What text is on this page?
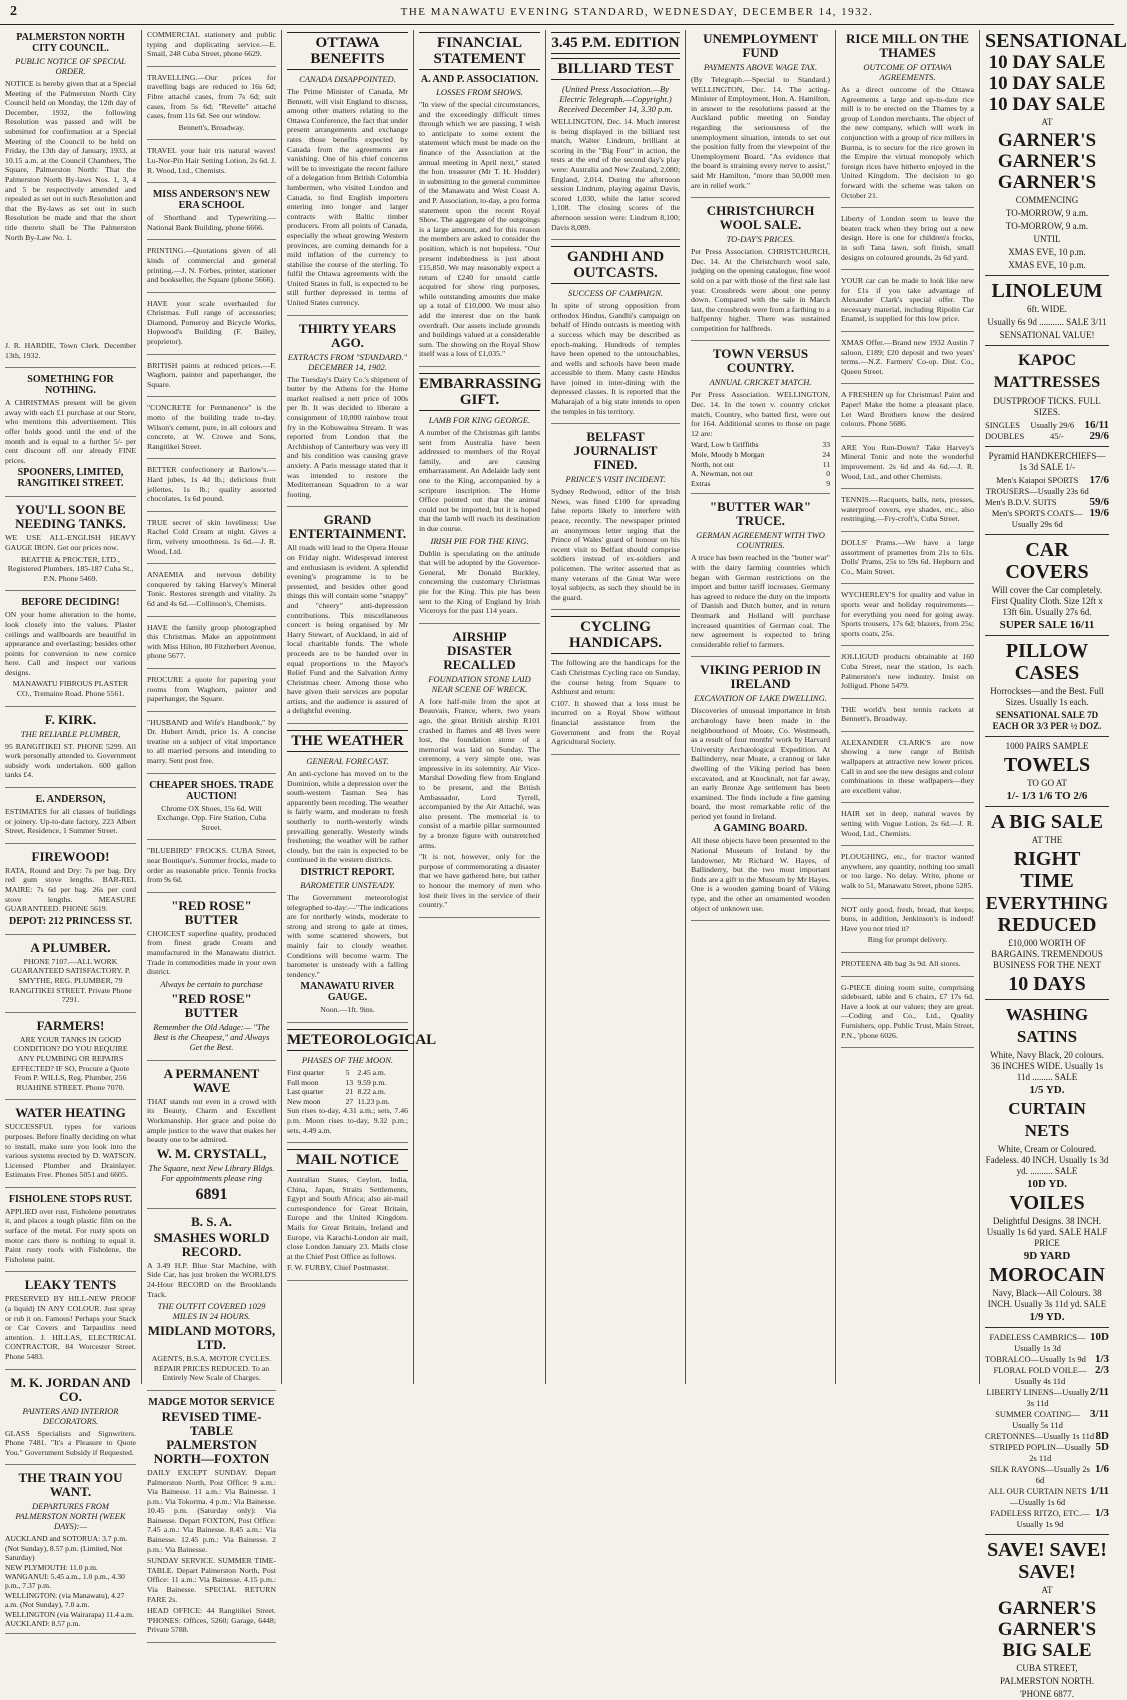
2	THE MANAWATU EVENING STANDARD, WEDNESDAY, DECEMBER 14, 1932.
PALMERSTON NORTH CITY COUNCIL.
PUBLIC NOTICE OF SPECIAL ORDER.
NOTICE is hereby given that at a Special Meeting of the Palmerston North City Council held on Monday, the 12th day of December, 1932, the following Resolution was passed and will be submitted for confirmation at a Special Meeting of the Council to be held on Friday, the 13th day of January, 1933, at 10.15 a.m. at the Council Chambers, The Square, Palmerston North: That the Palmerston North By-laws Nos. 1, 3, 4 and 5 be respectively amended and repealed as set out in such Resolution and that the By-laws as set out in such Resolution be made and that the short title thereto shall be The Palmerston North By-Law No. 1.
J. R. HARDIE, Town Clerk. December 13th, 1932.
SOMETHING FOR NOTHING.
A CHRISTMAS present will be given away with each £1 purchase at our Store, who mentions this advertisement. This offer holds good until the end of the month and is equal to a further 5/- per cent discount off our already FINE prices.
SPOONERS, LIMITED, RANGITIKEI STREET.
YOU'LL SOON BE NEEDING TANKS.
WE USE ALL-ENGLISH HEAVY GAUGE IRON. Get our prices now.
BEATTIE & PROCTER, LTD., Registered Plumbers. 185-187 Cuba St., P.N. Phone 5469.
BEFORE DECIDING!
ON your home alteration to the home, look closely into the values. Plaster ceilings and wallboards are beautiful in appearance and everlasting; besides other points for conversion to new cornice here. Call and inspect our various designs.
MANAWATU FIBROUS PLASTER CO., Tremaine Road. Phone 5561.
F. KIRK.
THE RELIABLE PLUMBER,
95 RANGITIKEI ST. PHONE 5299. All work personally attended to. Government subsidy work undertaken. 600 gallon tanks £4.
E. ANDERSON,
ESTIMATES for all classes of buildings or joinery. Up-to-date factory, 223 Albert Street, Residence, 1 Summer Street.
FIREWOOD!
RATA, Round and Dry: 7s per bag. Dry red gum stove lengths. BAR-REL MAIRE: 7s 6d per bag. 26s per cord stove lengths. MEASURE GUARANTEED. PHONE 5619.
DEPOT: 212 PRINCESS ST.
A PLUMBER.
PHONE 7107.—ALL WORK GUARANTEED SATISFACTORY. P. SMYTHE, REG. PLUMBER, 79 RANGITIKEI STREET. Private Phone 7291.
FARMERS!
ARE YOUR TANKS IN GOOD CONDITION? DO YOU REQUIRE ANY PLUMBING OR REPAIRS EFFECTED? IF SO, Procure a Quote From P. WILLS, Reg. Plumber, 256 RUAHINE STREET. Phone 7070.
WATER HEATING
SUCCESSFUL types for various purposes. Before finally deciding on what to install, make sure you look into the various systems erected by D. WATSON. Licensed Plumber and Drainlayer. Estimates Free. Phones 5051 and 6605.
FISHOLENE STOPS RUST.
APPLIED over rust, Fisholene penetrates it, and places a tough plastic film on the surface of the metal. For rusty spots on motor cars there is nothing to equal it. Paint rusty roofs with Fisholene, the Fisholene paint.
LEAKY TENTS
PRESERVED BY HILL-NEW PROOF (a liquid) IN ANY COLOUR. Just spray or rub it on. Famous! Perhaps your Stack or Car Covers and Tarpaulins need attention. J. HILLAS, ELECTRICAL CONTRACTOR, 84 Worcester Street. Phone 5483.
M. K. JORDAN AND CO.
PAINTERS AND INTERIOR DECORATORS.
GLASS Specialists and Signwriters. Phone 7481. "It's a Pleasure to Quote You." Government Subsidy if Requested.
THE TRAIN YOU WANT.
DEPARTURES FROM PALMERSTON NORTH (WEEK DAYS):—
AUCKLAND and SOTORUA: 3.7 p.m. (Not Sunday), 8.57 p.m. (Limited, Not Saturday)
NEW PLYMOUTH: 11.0 p.m.
WANGANUI: 5.45 a.m., 1.0 p.m., 4.30 p.m., 7.37 p.m.
WELLINGTON: (via Manawatu), 4.27 a.m. (Not Sunday), 7.0 a.m.
WELLINGTON (via Wairarapa) 11.4 a.m.
AUCKLAND: 8.57 p.m.
COMMERCIAL stationery and public typing and duplicating service.—E. Smail, 248 Cuba Street, phone 6629.
TRAVELLING.—Our prices for travelling bags are reduced to 16s 6d; Fibre attaché cases, from 7s 6d; suit cases, from 5s 6d; "Revelle" attaché cases, from 11s 6d. See our window.
Bennett's, Broadway.
TRAVEL your hair tris natural waves! Lu-Nor-Pin Hair Setting Lotion, 2s 6d. J. R. Wood, Ltd., Chemists.
MISS ANDERSON'S NEW ERA SCHOOL
of Shorthand and Typewriting.— National Bank Building, phone 6666.
PRINTING.—Quotations given of all kinds of commercial and general printing.—J. N. Forbes, printer, stationer and bookseller, the Square (phone 5666).
HAVE your scale overhauled for Christmas. Full range of accessories; Diamond, Pomeroy and Bicycle Works, Hopwood's Building (F. Bailey, proprietor).
BRITISH paints at reduced prices.—F. Waghorn, painter and paperhanger, the Square.
"CONCRETE for Permanence" is the motto of the building trade to-day. Wilson's cement, pure, in all colours and concrete, at W. Crowe and Sons, Rangitikei Street.
BETTER confectionery at Barlow's.— Hard jubes, 1s 4d lb.; delicious fruit jellettes, 1s lb.; quality assorted chocolates, 1s 6d pound.
TRUE secret of skin loveliness: Use Rachel Cold Cream at night. Gives a firm, velvety smoothness. 1s 6d.—J. R. Wood, Ltd.
ANAEMIA and nervous debility conquered by taking Harvey's Mineral Tonic. Restores strength and vitality. 2s 6d and 4s 6d.—Collinson's, Chemists.
HAVE the family group photographed this Christmas. Make an appointment with Miss Hilton, 80 Fitzherbert Avenue, phone 5677.
PROCURE a quote for papering your rooms from Waghorn, painter and paperhanger, the Square.
"HUSBAND and Wife's Handbook," by Dr. Hubert Arndt, price 1s. A concise treatise on a subject of vital importance to all married persons and intending to marry. Sent post free.
CHEAPER SHOES. TRADE AUCTION!
Chrome OX Shoes, 15s 6d. Will Exchange. Opp. Fire Station, Cuba Street.
"BLUEBIRD" FROCKS. CUBA Street, near Boutique's. Summer frocks, made to order as reasonable price. Tennis frocks from 9s 6d.
"RED ROSE" BUTTER
CHOICEST superfine quality, produced from finest grade Cream and manufactured in the Manawatu district. Trade in commodities made in your own district.
Always be certain to purchase
"RED ROSE" BUTTER
Remember the Old Adage:— "The Best is the Cheapest," and Always Get the Best.
A PERMANENT WAVE
THAT stands out even in a crowd with its Beauty, Charm and Excellent Workmanship. Her grace and poise do ample justice to the wave that makes her beauty one to be admired.
W. M. CRYSTALL,
The Square, next New Library Bldgs. For appointments please ring
6891
B. S. A.
SMASHES WORLD RECORD.
A 3.49 H.P. Blue Star Machine, with Side Car, has just broken the WORLD'S 24-Hour RECORD on the Brooklands Track.
THE OUTFIT COVERED 1029 MILES IN 24 HOURS.
MIDLAND MOTORS, LTD.
AGENTS, B.S.A. MOTOR CYCLES. REPAIR PRICES REDUCED. To an Entirely New Scale of Charges.
MADGE MOTOR SERVICE
REVISED TIME-TABLE PALMERSTON NORTH—FOXTON
DAILY EXCEPT SUNDAY. Depart Palmerston North, Post Office: 9 a.m.: Via Bainesse. 11 a.m.: Via Bainesse. 1 p.m.: Via Tokorma. 4 p.m.: Via Bainesse. 10.45 p.m. (Saturday only): Via Bainesse. Depart FOXTON, Post Office: 7.45 a.m.: Via Bainesse. 8.45 a.m.: Via Bainesse. 12.45 p.m.: Via Bainesse. 2 p.m.: Via Bainesse.
SUNDAY SERVICE. SUMMER TIME-TABLE. Depart Palmerston North, Post Office: 11 a.m.: Via Bainesse. 4.15 p.m.: Via Bainesse. SPECIAL RETURN FARE 2s.
HEAD OFFICE: 44 Rangitikei Street. 'PHONES: Offices, 5260; Garage, 6448; Private 5788.
OTTAWA BENEFITS
CANADA DISAPPOINTED.
The Prime Minister of Canada, Mr Bennett, will visit England to discuss, among other matters relating to the Ottawa Conference, the fact that under present arrangements and exchange rates those benefits expected by Canada from the agreements are vanishing. One of his chief concerns will be to investigate the recent failure of a delegation from British Columbia lumbermen, who visited London and Canada, to find English importers entering into longer and larger contracts with Baltic timber producers. From all points of Canada, especially the wheat growing Western provinces, are coming demands for a mild inflation of the currency to stabilise the course of the sterling. To fulfil the Ottawa agreements with the United States in full, is expected to be still further depressed in terms of United States currency.
THIRTY YEARS AGO.
EXTRACTS FROM "STANDARD." DECEMBER 14, 1902.
The Tuesday's Dairy Co.'s shipment of butter by the Athens for the Home market realised a nett price of 100s per lb. It was decided to liberate a consignment of 10,000 rainbow trout fry in the Kohuwaitea Stream. It was reported from London that the Archbishop of Canterbury was very ill and his condition was causing grave anxiety. A Paris message stated that it was intended to restore the Mediterranean Squadron to a war footing.
GRAND ENTERTAINMENT.
All roads will lead to the Opera House on Friday night. Widespread interest and enthusiasm is evident. A splendid evening's programme is to be presented, and besides other good things this will contain some "snappy" and "cheery" anti-depression contributions. This miscellaneous concert is being organised by Mr Harry Stewart, of Auckland, in aid of local charitable funds. The whole proceeds are to be handed over in equal proportions to the Mayor's Relief Fund and the Salvation Army Christmas cheer. Among those who have given their services are popular artists, and the audience is assured of a delightful evening.
THE WEATHER
GENERAL FORECAST.
An anti-cyclone has moved on to the Dominion, while a depression over the south-western Tasman Sea has apparently been receding. The weather is fairly warm, and moderate to fresh southerly to north-westerly winds prevailing generally. Westerly winds freshening; the weather will be rather cloudy, but the rain is expected to be continued in the western districts.
DISTRICT REPORT.
BAROMETER UNSTEADY.
The Government meteorologist telegraphed to-day:—"The indications are for northerly winds, moderate to strong and strong to gale at times, with some scattered showers, but mainly fair to cloudy weather. Conditions will become warm. The barometer is unsteady with a falling tendency."
MANAWATU RIVER GAUGE.
Noon.—1ft. 9ins.
METEOROLOGICAL
PHASES OF THE MOON.
First quarter	5	2.45 a.m.
Full moon	13	9.59 p.m.
Last quarter	21	8.22 a.m.
New moon	27	11.23 p.m.
Sun rises to-day, 4.31 a.m.; sets, 7.46 p.m. Moon rises to-day, 9.32 p.m.; sets, 4.49 a.m.
MAIL NOTICE
Australian States, Ceylon, India, China, Japan, Straits Settlements, Egypt and South Africa; also air-mail correspondence for Great Britain, Europe and the United Kingdom. Mails for Great Britain, Ireland and Europe, via Karachi-London air mail, close London January 23. Mails close at the Chief Post Office as follows.
F. W. FURBY, Chief Postmaster.
FINANCIAL STATEMENT
A. AND P. ASSOCIATION.
LOSSES FROM SHOWS.
"In view of the special circumstances, and the exceedingly difficult times through which we are passing, I wish to anticipate to some extent the statement which must be made on the finance of the Association at the annual meeting in April next," stated the hon. treasurer (Mr T. H. Hodder) in submitting to the general committee of the Manawatu and West Coast A. and P. Association, to-day, a pro forma statement upon the recent Royal Show. The aggregate of the outgoings is a large amount, and for this reason the members are asked to consider the position, which is not hopeless. "Our present indebtedness is just about £15,850. We may reasonably expect a return of £240 for unsold cattle acquired for show ring purposes, while outstanding amounts due make up a total of £10,000. We must also add the interest due on the bank overdraft. Our assets include grounds and buildings valued at a considerable sum. The showing on the Royal Show itself was a loss of £1,035."
EMBARRASSING GIFT.
LAMB FOR KING GEORGE.
A number of the Christmas gift lambs sent from Australia have been addressed to members of the Royal family, and are causing embarrassment. An Adelaide lady sent one to the King, accompanied by a scripture inscription. The Home Office pointed out that the animal could not be imported, but it is hoped that the lamb will reach its destination in due course.
IRISH PIE FOR THE KING.
Dublin is speculating on the attitude that will be adopted by the Governor-General, Mr Donald Buckley, concerning the customary Christmas pie for the King. This pie has been sent to the King of England by Irish Viceroys for the past 114 years.
AIRSHIP DISASTER RECALLED
FOUNDATION STONE LAID NEAR SCENE OF WRECK.
A fore half-mile from the spot at Beauvais, France, where, two years ago, the great British airship R101 crashed in flames and 48 lives were lost, the foundation stone of a memorial was laid on Sunday. The ceremony, a very simple one, was impressive in its solemnity. Air Vice-Marshal Dowding flew from England to be present, and the British Ambassador, Lord Tyrrell, accompanied by the Air Attaché, was also present. The memorial is to consist of a marble pillar surmounted by a bronze figure with outstretched arms.
"It is not, however, only for the purpose of commemorating a disaster that we have gathered here, but rather to honour the memory of men who lost their lives in the service of their country."
3.45 P.M. EDITION
BILLIARD TEST
(United Press Association.—By Electric Telegraph.—Copyright.) Received December 14, 3.30 p.m.
WELLINGTON, Dec. 14. Much interest is being displayed in the billiard test match, Walter Lindrum, brilliant at scoring in the "Big Four" in action, the tests at the end of the second day's play were: Australia and New Zealand, 2,080; England, 2,014. During the afternoon session Lindrum, playing against Davis, scored 1,030, while the latter scored 1,108. The closing scores of the afternoon session were: Lindrum 8,100; Davis 8,089.
GANDHI AND OUTCASTS.
SUCCESS OF CAMPAIGN.
In spite of strong opposition from orthodox Hindus, Gandhi's campaign on behalf of Hindu outcasts is meeting with a success which may be described as epoch-making. Hundreds of temples have been opened to the untouchables, and wells and schools have been made accessible to them. Many caste Hindus have joined in inter-dining with the depressed classes. It is reported that the Maharajah of a big state intends to open the temples in his territory.
BELFAST JOURNALIST FINED.
PRINCE'S VISIT INCIDENT.
Sydney Redwood, editor of the Irish News, was fined £100 for spreading false reports likely to interfere with peace, recently. The newspaper printed an anonymous letter urging that the Prince of Wales' guard of honour on his recent visit to Belfast should comprise soldiers instead of ex-soldiers and policemen. The writer asserted that as many veterans of the Great War were loyal subjects, as such they should be in the guard.
CYCLING HANDICAPS.
The following are the handicaps for the Cash Christmas Cycling race on Sunday, the course being from Square to Ashhurst and return:
C107. It showed that a loss must be incurred on a Royal Show without financial assistance from the Government and from the Royal Agricultural Society.
UNEMPLOYMENT FUND
PAYMENTS ABOVE WAGE TAX.
(By Telegraph.—Special to Standard.) WELLINGTON, Dec. 14. The acting-Minister of Employment, Hon. A. Hamilton, in answer to the resolutions passed at the Auckland public meeting on Sunday regarding the seriousness of the unemployment situation, intends to set out the position fully from the viewpoint of the Unemployment Board. "As evidence that the board is straining every nerve to assist," said Mr Hamilton, "more than 50,000 men are in relief work."
CHRISTCHURCH WOOL SALE.
TO-DAY'S PRICES.
Per Press Association. CHRISTCHURCH, Dec. 14. At the Christchurch wool sale, judging on the opening catalogue, fine wool sold on a par with those of the first sale last year. Crossbreds were about one penny down. Compared with the sale in March last, the crossbreds were from a farthing to a halfpenny higher. There was sustained competition for halfbreds.
TOWN VERSUS COUNTRY.
ANNUAL CRICKET MATCH.
Per Press Association. WELLINGTON, Dec. 14. In the town v. country cricket match, Country, who batted first, were out for 164. Additional scores to those on page 12 are:
Ward, Low b Griffiths	33
Mole, Moody b Morgan	24
North, not out	11
A. Newman, not out	0
Extras	9
"BUTTER WAR" TRUCE.
GERMAN AGREEMENT WITH TWO COUNTRIES.
A truce has been reached in the "butter war" with the dairy farming countries which began with German restrictions on the import and butter tariff increases. Germany has agreed to reduce the duty on the imports of Danish and Dutch butter, and in return Denmark and Holland will purchase increased quantities of German coal. The new agreement is expected to bring considerable relief to farmers.
VIKING PERIOD IN IRELAND
EXCAVATION OF LAKE DWELLING.
Discoveries of unusual importance in Irish archæology have been made in the neighbourhood of Moate, Co. Westmeath, as a result of four months' work by Harvard University Archæological Expedition. At Ballinderry, near Moate, a crannog or lake dwelling of the Viking period has been excavated, and at Knocknalt, not far away, an early Bronze Age settlement has been examined. The finds include a fine gaming board, the most remarkable relic of the period yet found in Ireland.
A GAMING BOARD.
All these objects have been presented to the National Museum of Ireland by the landowner, Mr Richard W. Hayes, of Ballinderry, but the two most important finds are a gift to the Museum by Mr Hayes. One is a wooden gaming board of Viking type, and the other an ornamented wooden object of unknown use.
RICE MILL ON THE THAMES
OUTCOME OF OTTAWA AGREEMENTS.
As a direct outcome of the Ottawa Agreements a large and up-to-date rice mill is to be erected on the Thames by a group of London merchants. The object of the new company, which will work in conjunction with a group of rice millers in Burma, is to secure for the rice grown in the Empire the virtual monopoly which foreign rices have hitherto enjoyed in the United Kingdom. The decision to go forward with the scheme was taken on October 21.
Liberty of London seem to leave the beaten track when they bring out a new design. Here is one for children's frocks, in soft Tana lawn, soft finish, small designs on coloured grounds, 2s 6d yard.
YOUR car can be made to look like new for £1s if you take advantage of Alexander Clark's special offer. The necessary material, including Ripolin Car Enamel, is supplied for this low price.
XMAS Offer.—Brand new 1932 Austin 7 saloon, £189; £20 deposit and two years' terms.—N.Z. Farmers' Co-op. Dist. Co., Queen Street.
A FRESHEN up for Christmas! Paint and Paper! Make the home a pleasant place. Let Ward Brothers know the desired colours. Phone 5686.
ARE You Run-Down? Take Harvey's Mineral Tonic and note the wonderful improvement. 2s 6d and 4s 6d.—J. R. Wood, Ltd., and other Chemists.
TENNIS.—Racquets, balls, nets, presses, waterproof covers, eye shades, etc., also restringing.—Fry-croft's, Cuba Street.
DOLLS' Prams.—We have a large assortment of pramettes from 21s to 61s. Dolls' Prams, 25s to 59s 6d. Hepburn and Co., Main Street.
WYCHERLEY'S for quality and value in sports wear and holiday requirements—for everything you need for going away. Sports trousers, 17s 6d; blazers, from 25s; sports coats, 25s.
JOLLIGUD products obtainable at 160 Cuba Street, near the station, 1s each. Palmerston's new industry. Insist on Jolligud. Phone 5479.
THE world's best tennis rackets at Bennett's, Broadway.
ALEXANDER CLARK'S are now showing a new range of British wallpapers at attractive new lower prices. Call in and see the new designs and colour combinations in these wallpapers—they are excellent value.
HAIR set in deep, natural waves by setting with Vogue Lotion, 2s 6d.—J. R. Wood, Ltd., Chemists.
PLOUGHING, etc., for tractor wanted anywhere, any quantity, nothing too small or too large. No delay. Write, phone or walk to 51, Manawatu Street, phone 5285.
NOT only good, fresh, bread, that keeps; buns, in addition, Jenkinson's is indeed! Have you not tried it?
Ring for prompt delivery.
PROTEENA 4lb bag 3s 9d. All stores.
G-PIECE dining room suite, comprising sideboard, table and 6 chairs, £7 17s 6d. Have a look at our values; they are great.—Coding and Co., Ltd., Quality Furnishers, opp. Public Trust, Main Street, P.N., 'phone 6026.
SENSATIONAL
10 DAY SALE
10 DAY SALE
10 DAY SALE
AT
GARNER'S
GARNER'S
GARNER'S
COMMENCING
TO-MORROW, 9 a.m.
TO-MORROW, 9 a.m.
UNTIL
XMAS EVE, 10 p.m.
XMAS EVE, 10 p.m.
LINOLEUM
6ft. WIDE.
Usually 6s 9d ........... SALE 3/11
SENSATIONAL VALUE!
KAPOC MATTRESSES
DUSTPROOF TICKS. FULL SIZES.
SINGLES Usually 29/6 16/11
DOUBLES	45/- 29/6
Pyramid HANDKERCHIEFS—1s 3d SALE 1/-
Men's Kaiapoi SPORTS TROUSERS—Usually 23s 6d
17/6
Men's B.D.V. SUITS	59/6
Men's SPORTS COATS—Usually 29s 6d
19/6
CAR COVERS
Will cover the Car completely. First Quality Cloth. Size 12ft x 13ft 6in. Usually 27s 6d.
SUPER SALE 16/11
PILLOW CASES
Horrockses—and the Best. Full Sizes. Usually 1s each.
SENSATIONAL SALE 7D EACH OR 3/3 PER ½ DOZ.
1000 PAIRS SAMPLE
TOWELS
TO GO AT
1/- 1/3 1/6 TO 2/6
A BIG SALE
AT THE
RIGHT TIME
EVERYTHING
REDUCED
£10,000 WORTH OF BARGAINS. TREMENDOUS BUSINESS FOR THE NEXT
10 DAYS
WASHING SATINS
White, Navy Black, 20 colours. 36 INCHES WIDE. Usually 1s 11d ......... SALE
1/5 YD.
CURTAIN NETS
White, Cream or Coloured. Fadeless. 40 INCH. Usually 1s 3d yd. .......... SALE
10D YD.
VOILES
Delightful Designs. 38 INCH. Usually 1s 6d yard. SALE HALF PRICE
9D YARD
MOROCAIN
Navy, Black—All Colours. 38 INCH. Usually 3s 11d yd. SALE
1/9 YD.
FADELESS CAMBRICS—Usually 1s 3d
10D
TOBRALCO—Usually 1s 9d 1/3
FLORAL FOLD VOILE—Usually 4s 11d
2/3
LIBERTY LINENS—Usually 3s 11d
2/11
SUMMER COATING—Usually 5s 11d
3/11
CRETONNES—Usually 1s 11d 8D
STRIPED POPLIN—Usually 2s 11d
5D
SILK RAYONS—Usually 2s 6d
1/6
ALL OUR CURTAIN NETS—Usually 1s 6d
1/11
FADELESS RITZO, ETC.—Usually 1s 9d
1/3
SAVE! SAVE!
SAVE!
AT
GARNER'S
GARNER'S
BIG SALE
CUBA STREET,
PALMERSTON NORTH.
'PHONE 6877.
